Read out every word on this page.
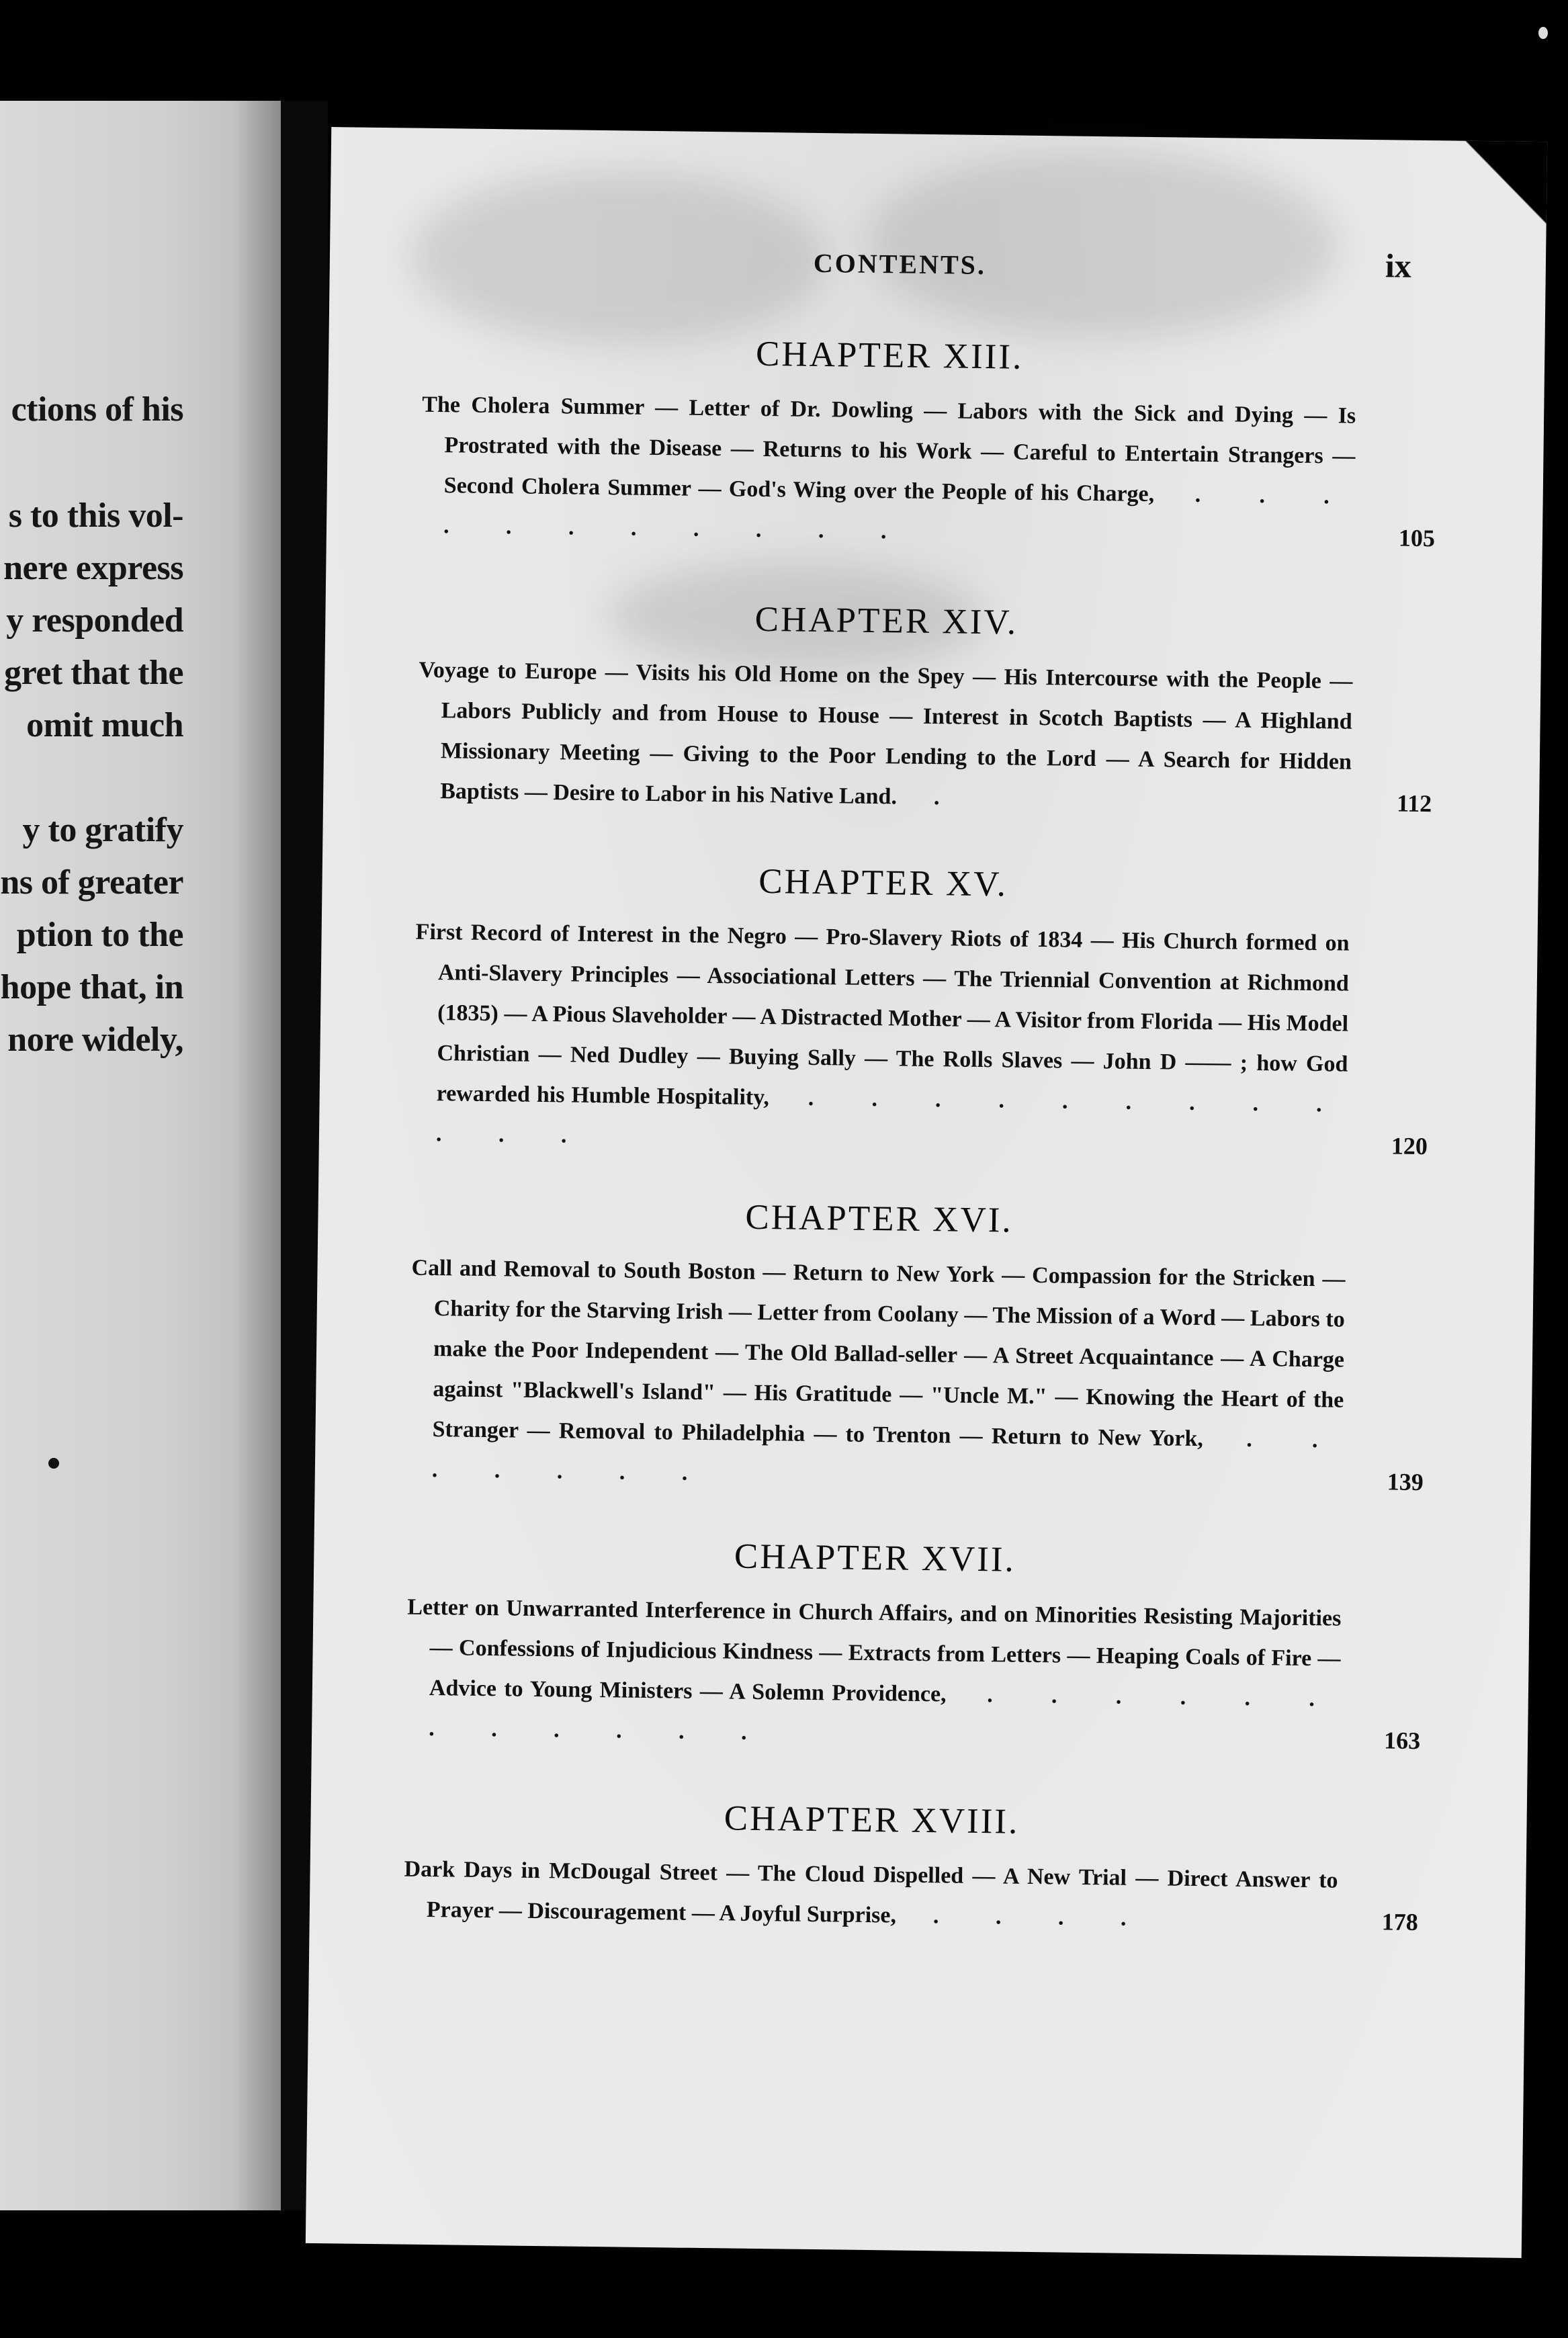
ctions of his
s to this vol-
nere express
y responded
gret that the
omit much
y to gratify
ns of greater
ption to the
hope that, in
nore widely,
CONTENTS.	ix
CHAPTER XIII.

The Cholera Summer — Letter of Dr. Dowling — Labors with the Sick and Dying — Is Prostrated with the Disease — Returns to his Work — Careful to Entertain Strangers — Second Cholera Summer — God's Wing over the People of his Charge,  . . . . . . . . . . .	105

CHAPTER XIV.

Voyage to Europe — Visits his Old Home on the Spey — His Intercourse with the People — Labors Publicly and from House to House — Interest in Scotch Baptists — A Highland Missionary Meeting — Giving to the Poor Lending to the Lord — A Search for Hidden Baptists — Desire to Labor in his Native Land.  .	112

CHAPTER XV.

First Record of Interest in the Negro — Pro-Slavery Riots of 1834 — His Church formed on Anti-Slavery Principles — Associational Letters — The Triennial Convention at Richmond (1835) — A Pious Slaveholder — A Distracted Mother — A Visitor from Florida — His Model Christian — Ned Dudley — Buying Sally — The Rolls Slaves — John D —— ; how God rewarded his Humble Hospitality,  . . . . . . . . . . . .	120

CHAPTER XVI.

Call and Removal to South Boston — Return to New York — Compassion for the Stricken — Charity for the Starving Irish — Letter from Coolany — The Mission of a Word — Labors to make the Poor Independent — The Old Ballad-seller — A Street Acquaintance — A Charge against "Blackwell's Island" — His Gratitude — "Uncle M." — Knowing the Heart of the Stranger — Removal to Philadelphia — to Trenton — Return to New York,  . . . . . . .	139

CHAPTER XVII.

Letter on Unwarranted Interference in Church Affairs, and on Minorities Resisting Majorities — Confessions of Injudicious Kindness — Extracts from Letters — Heaping Coals of Fire — Advice to Young Ministers — A Solemn Providence,  . . . . . . . . . . . .	163

CHAPTER XVIII.

Dark Days in McDougal Street — The Cloud Dispelled — A New Trial — Direct Answer to Prayer — Discouragement — A Joyful Surprise,  . . . .	178
